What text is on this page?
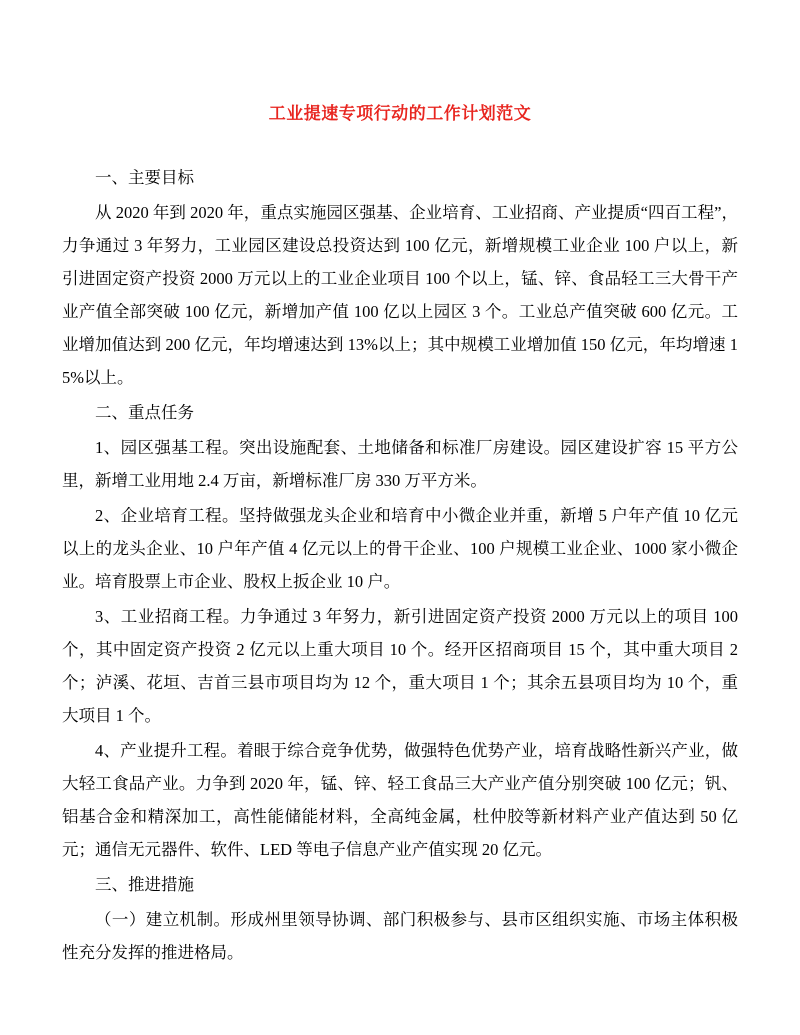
工业提速专项行动的工作计划范文

一、主要目标

从 2020 年到 2020 年，重点实施园区强基、企业培育、工业招商、产业提质“四百工程”，力争通过 3 年努力，工业园区建设总投资达到 100 亿元，新增规模工业企业 100 户以上，新引进固定资产投资 2000 万元以上的工业企业项目 100 个以上，锰、锌、食品轻工三大骨干产业产值全部突破 100 亿元，新增加产值 100 亿以上园区 3 个。工业总产值突破 600 亿元。工业增加值达到 200 亿元，年均增速达到 13%以上；其中规模工业增加值 150 亿元，年均增速 15%以上。

二、重点任务

1、园区强基工程。突出设施配套、土地储备和标准厂房建设。园区建设扩容 15 平方公里，新增工业用地 2.4 万亩，新增标准厂房 330 万平方米。

2、企业培育工程。坚持做强龙头企业和培育中小微企业并重，新增 5 户年产值 10 亿元以上的龙头企业、10 户年产值 4 亿元以上的骨干企业、100 户规模工业企业、1000 家小微企业。培育股票上市企业、股权上扳企业 10 户。

3、工业招商工程。力争通过 3 年努力，新引进固定资产投资 2000 万元以上的项目 100 个，其中固定资产投资 2 亿元以上重大项目 10 个。经开区招商项目 15 个，其中重大项目 2 个；泸溪、花垣、吉首三县市项目均为 12 个，重大项目 1 个；其余五县项目均为 10 个，重大项目 1 个。

4、产业提升工程。着眼于综合竞争优势，做强特色优势产业，培育战略性新兴产业，做大轻工食品产业。力争到 2020 年，锰、锌、轻工食品三大产业产值分别突破 100 亿元；钒、铝基合金和精深加工，高性能储能材料，全高纯金属，杜仲胶等新材料产业产值达到 50 亿元；通信无元器件、软件、LED 等电子信息产业产值实现 20 亿元。

三、推进措施

（一）建立机制。形成州里领导协调、部门积极参与、县市区组织实施、市场主体积极性充分发挥的推进格局。
